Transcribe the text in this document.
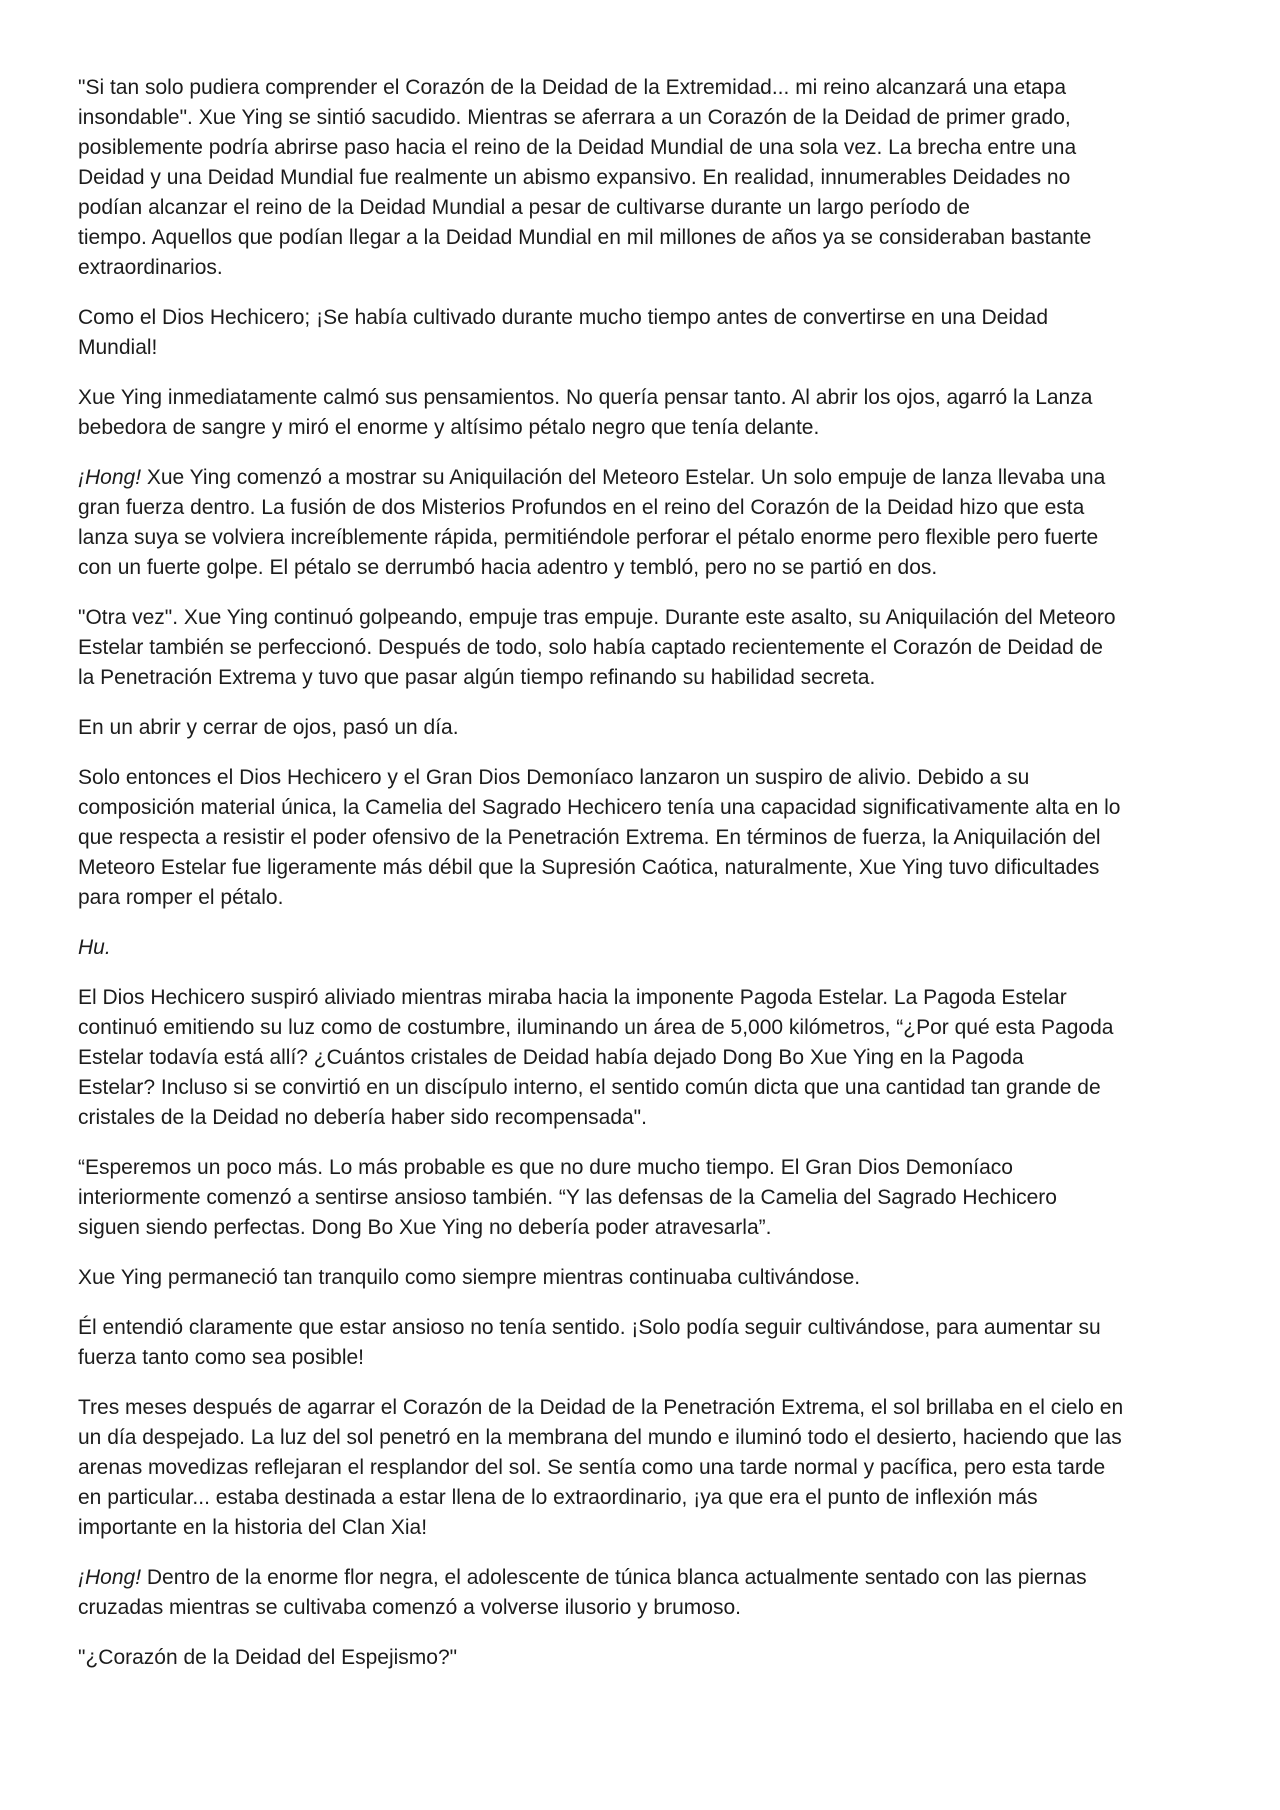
"Si tan solo pudiera comprender el Corazón de la Deidad de la Extremidad... mi reino alcanzará una etapa
insondable". Xue Ying se sintió sacudido. Mientras se aferrara a un Corazón de la Deidad de primer grado,
posiblemente podría abrirse paso hacia el reino de la Deidad Mundial de una sola vez. La brecha entre una
Deidad y una Deidad Mundial fue realmente un abismo expansivo. En realidad, innumerables Deidades no
podían alcanzar el reino de la Deidad Mundial a pesar de cultivarse durante un largo período de
tiempo. Aquellos que podían llegar a la Deidad Mundial en mil millones de años ya se consideraban bastante
extraordinarios.

Como el Dios Hechicero; ¡Se había cultivado durante mucho tiempo antes de convertirse en una Deidad
Mundial!

Xue Ying inmediatamente calmó sus pensamientos. No quería pensar tanto. Al abrir los ojos, agarró la Lanza
bebedora de sangre y miró el enorme y altísimo pétalo negro que tenía delante.

¡Hong! Xue Ying comenzó a mostrar su Aniquilación del Meteoro Estelar. Un solo empuje de lanza llevaba una
gran fuerza dentro. La fusión de dos Misterios Profundos en el reino del Corazón de la Deidad hizo que esta
lanza suya se volviera increíblemente rápida, permitiéndole perforar el pétalo enorme pero flexible pero fuerte
con un fuerte golpe. El pétalo se derrumbó hacia adentro y tembló, pero no se partió en dos.

"Otra vez". Xue Ying continuó golpeando, empuje tras empuje. Durante este asalto, su Aniquilación del Meteoro
Estelar también se perfeccionó. Después de todo, solo había captado recientemente el Corazón de Deidad de
la Penetración Extrema y tuvo que pasar algún tiempo refinando su habilidad secreta.

En un abrir y cerrar de ojos, pasó un día.

Solo entonces el Dios Hechicero y el Gran Dios Demoníaco lanzaron un suspiro de alivio. Debido a su
composición material única, la Camelia del Sagrado Hechicero tenía una capacidad significativamente alta en lo
que respecta a resistir el poder ofensivo de la Penetración Extrema. En términos de fuerza, la Aniquilación del
Meteoro Estelar fue ligeramente más débil que la Supresión Caótica, naturalmente, Xue Ying tuvo dificultades
para romper el pétalo.

Hu.

El Dios Hechicero suspiró aliviado mientras miraba hacia la imponente Pagoda Estelar. La Pagoda Estelar
continuó emitiendo su luz como de costumbre, iluminando un área de 5,000 kilómetros, “¿Por qué esta Pagoda
Estelar todavía está allí? ¿Cuántos cristales de Deidad había dejado Dong Bo Xue Ying en la Pagoda
Estelar? Incluso si se convirtió en un discípulo interno, el sentido común dicta que una cantidad tan grande de
cristales de la Deidad no debería haber sido recompensada".

“Esperemos un poco más. Lo más probable es que no dure mucho tiempo. El Gran Dios Demoníaco
interiormente comenzó a sentirse ansioso también. “Y las defensas de la Camelia del Sagrado Hechicero
siguen siendo perfectas. Dong Bo Xue Ying no debería poder atravesarla”.

Xue Ying permaneció tan tranquilo como siempre mientras continuaba cultivándose.

Él entendió claramente que estar ansioso no tenía sentido. ¡Solo podía seguir cultivándose, para aumentar su
fuerza tanto como sea posible!

Tres meses después de agarrar el Corazón de la Deidad de la Penetración Extrema, el sol brillaba en el cielo en
un día despejado. La luz del sol penetró en la membrana del mundo e iluminó todo el desierto, haciendo que las
arenas movedizas reflejaran el resplandor del sol. Se sentía como una tarde normal y pacífica, pero esta tarde
en particular... estaba destinada a estar llena de lo extraordinario, ¡ya que era el punto de inflexión más
importante en la historia del Clan Xia!

¡Hong! Dentro de la enorme flor negra, el adolescente de túnica blanca actualmente sentado con las piernas
cruzadas mientras se cultivaba comenzó a volverse ilusorio y brumoso.

"¿Corazón de la Deidad del Espejismo?"
